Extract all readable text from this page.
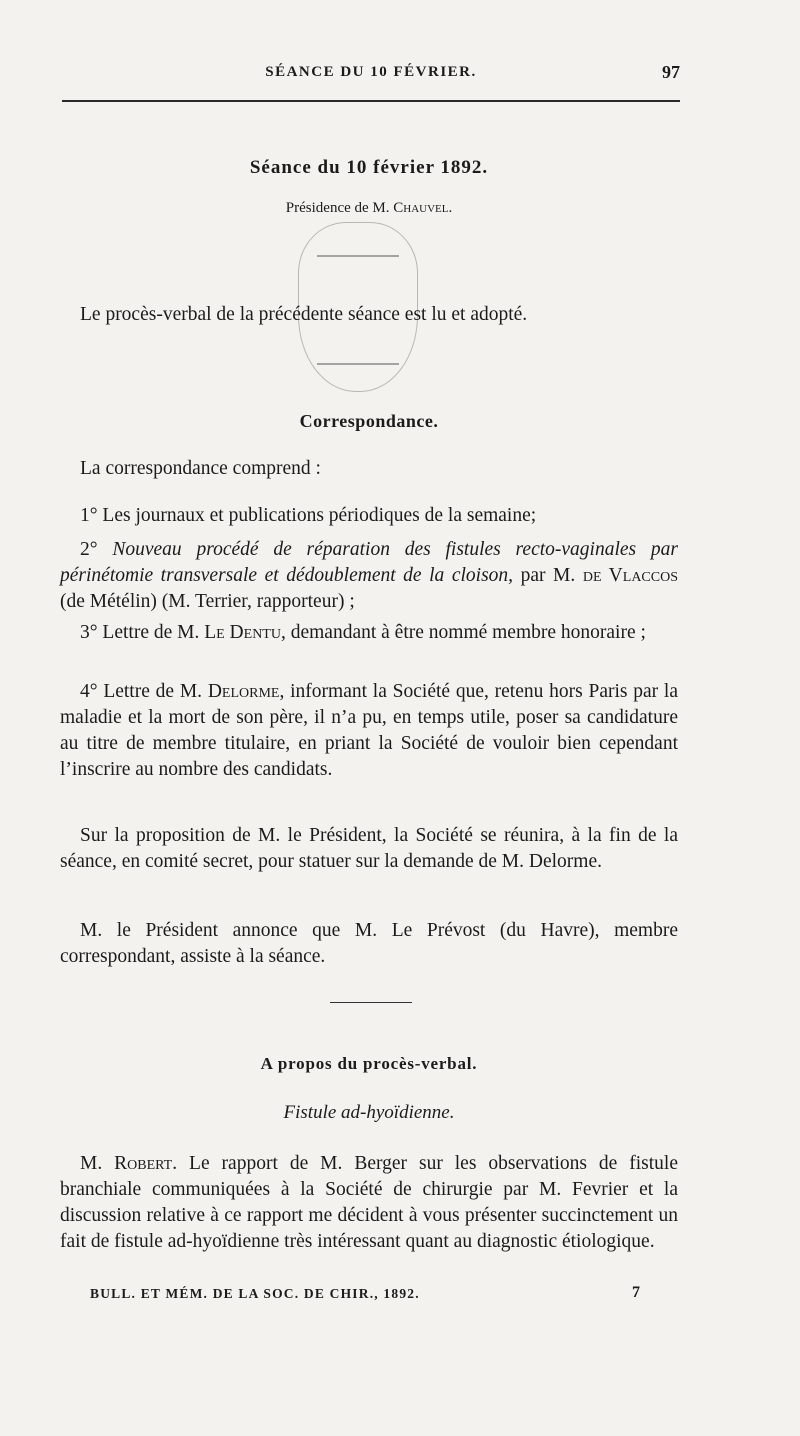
SÉANCE DU 10 FÉVRIER.	97
Séance du 10 février 1892.
Présidence de M. Chauvel.
Le procès-verbal de la précédente séance est lu et adopté.
Correspondance.
La correspondance comprend :
1° Les journaux et publications périodiques de la semaine;
2° Nouveau procédé de réparation des fistules recto-vaginales par périnétomie transversale et dédoublement de la cloison, par M. de Vlaccos (de Métélin) (M. Terrier, rapporteur) ;
3° Lettre de M. Le Dentu, demandant à être nommé membre honoraire ;
4° Lettre de M. Delorme, informant la Société que, retenu hors Paris par la maladie et la mort de son père, il n’a pu, en temps utile, poser sa candidature au titre de membre titulaire, en priant la Société de vouloir bien cependant l’inscrire au nombre des candidats.
Sur la proposition de M. le Président, la Société se réunira, à la fin de la séance, en comité secret, pour statuer sur la demande de M. Delorme.
M. le Président annonce que M. Le Prévost (du Havre), membre correspondant, assiste à la séance.
A propos du procès-verbal.
Fistule ad-hyoïdienne.
M. Robert. Le rapport de M. Berger sur les observations de fistule branchiale communiquées à la Société de chirurgie par M. Fevrier et la discussion relative à ce rapport me décident à vous présenter succinctement un fait de fistule ad-hyoïdienne très intéressant quant au diagnostic étiologique.
BULL. ET MÉM. DE LA SOC. DE CHIR., 1892.	7
